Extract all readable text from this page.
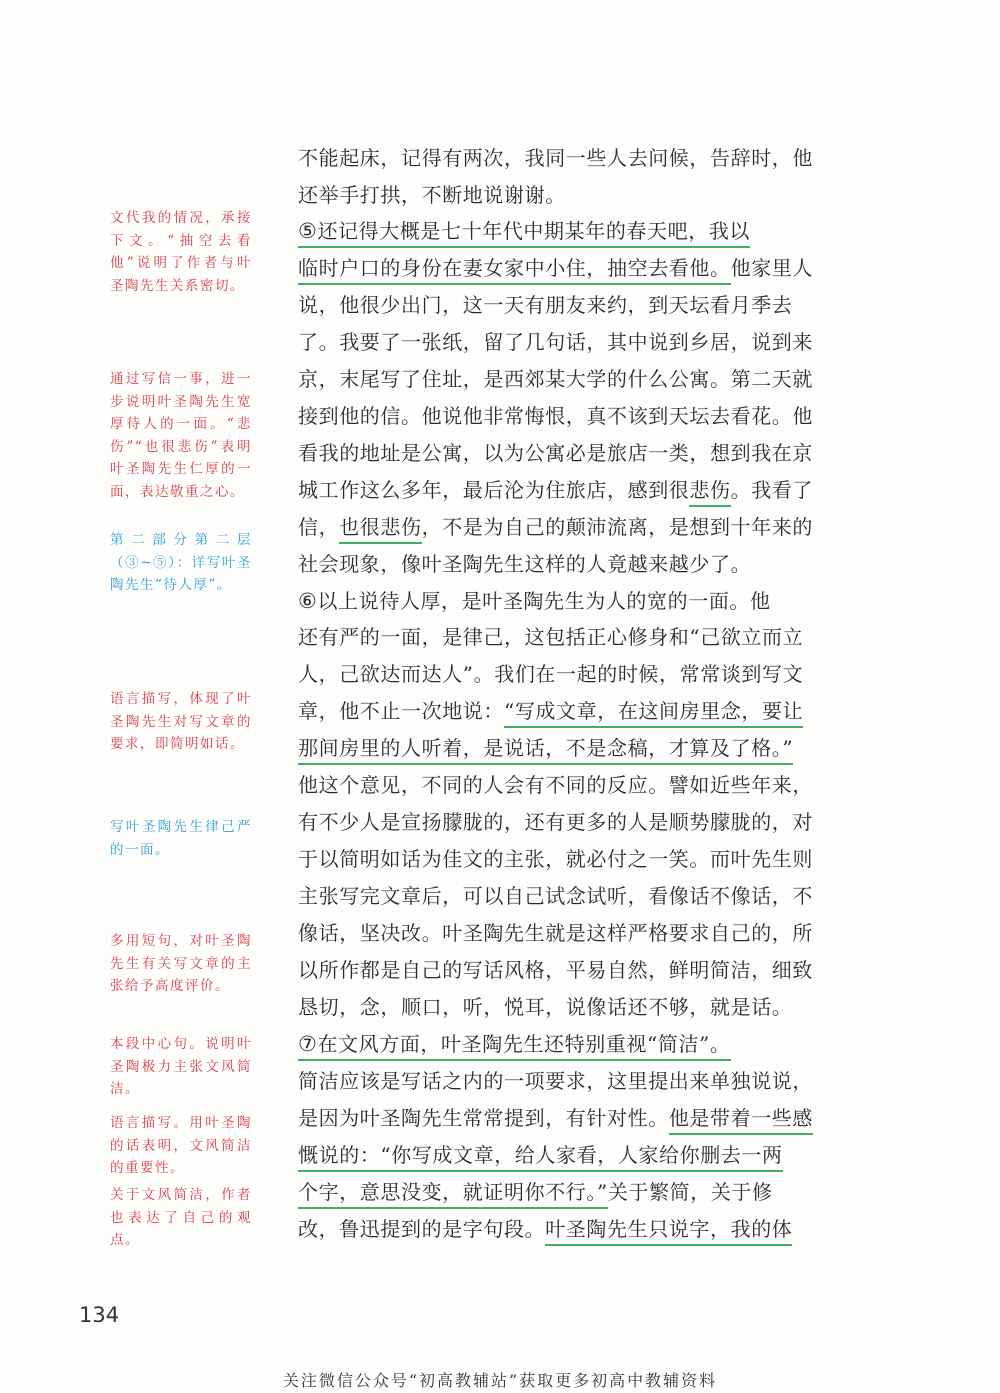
文代我的情况，承接下文。“抽空去看他”说明了作者与叶圣陶先生关系密切。
通过写信一事，进一步说明叶圣陶先生宽厚待人的一面。“悲伤”“也很悲伤”表明叶圣陶先生仁厚的一面，表达敬重之心。
第二部分第二层（③~⑤）：详写叶圣陶先生“待人厚”。
语言描写，体现了叶圣陶先生对写文章的要求，即简明如话。
写叶圣陶先生律己严的一面。
多用短句，对叶圣陶先生有关写文章的主张给予高度评价。
本段中心句。说明叶圣陶极力主张文风简洁。
语言描写。用叶圣陶的话表明，文风简洁的重要性。
关于文风简洁，作者也表达了自己的观点。
不能起床，记得有两次，我同一些人去问候，告辞时，他
还举手打拱，不断地说谢谢。
⑤还记得大概是七十年代中期某年的春天吧，我以
临时户口的身份在妻女家中小住，抽空去看他。他家里人
说，他很少出门，这一天有朋友来约，到天坛看月季去
了。我要了一张纸，留了几句话，其中说到乡居，说到来
京，末尾写了住址，是西郊某大学的什么公寓。第二天就
接到他的信。他说他非常悔恨，真不该到天坛去看花。他
看我的地址是公寓，以为公寓必是旅店一类，想到我在京
城工作这么多年，最后沦为住旅店，感到很悲伤。我看了
信，也很悲伤，不是为自己的颠沛流离，是想到十年来的
社会现象，像叶圣陶先生这样的人竟越来越少了。
⑥以上说待人厚，是叶圣陶先生为人的宽的一面。他
还有严的一面，是律己，这包括正心修身和“己欲立而立
人，己欲达而达人”。我们在一起的时候，常常谈到写文
章，他不止一次地说：“写成文章，在这间房里念，要让
那间房里的人听着，是说话，不是念稿，才算及了格。”
他这个意见，不同的人会有不同的反应。譬如近些年来，
有不少人是宣扬朦胧的，还有更多的人是顺势朦胧的，对
于以简明如话为佳文的主张，就必付之一笑。而叶先生则
主张写完文章后，可以自己试念试听，看像话不像话，不
像话，坚决改。叶圣陶先生就是这样严格要求自己的，所
以所作都是自己的写话风格，平易自然，鲜明简洁，细致
恳切，念，顺口，听，悦耳，说像话还不够，就是话。
⑦在文风方面，叶圣陶先生还特别重视“简洁”。
简洁应该是写话之内的一项要求，这里提出来单独说说，
是因为叶圣陶先生常常提到，有针对性。他是带着一些感
慨说的：“你写成文章，给人家看，人家给你删去一两
个字，意思没变，就证明你不行。”关于繁简，关于修
改，鲁迅提到的是字句段。叶圣陶先生只说字，我的体
134
关注微信公众号“初高教辅站”获取更多初高中教辅资料
